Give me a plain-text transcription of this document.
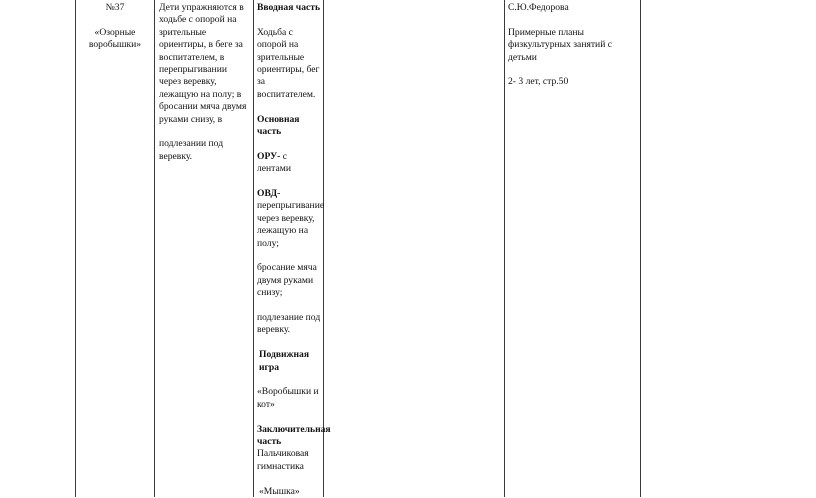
№37

«Озорные воробышки»

Дети упражняются в ходьбе с опорой на зрительные ориентиры, в беге за воспитателем, в перепрыгивании через веревку, лежащую на полу; в бросании мяча двумя руками снизу, в

подлезании под веревку.

Вводная часть

Ходьба с опорой на зрительные ориентиры, бег за воспитателем.

Основная часть

ОРУ- с лентами

ОВД-

перепрыгивание через веревку, лежащую на полу;

бросание мяча двумя руками снизу;

подлезание под веревку.

Подвижная игра

«Воробышки и кот»

Заключительная часть

Пальчиковая гимнастика

«Мышка»

С.Ю.Федорова

Примерные планы физкультурных занятий с детьми

2- 3 лет, стр.50
